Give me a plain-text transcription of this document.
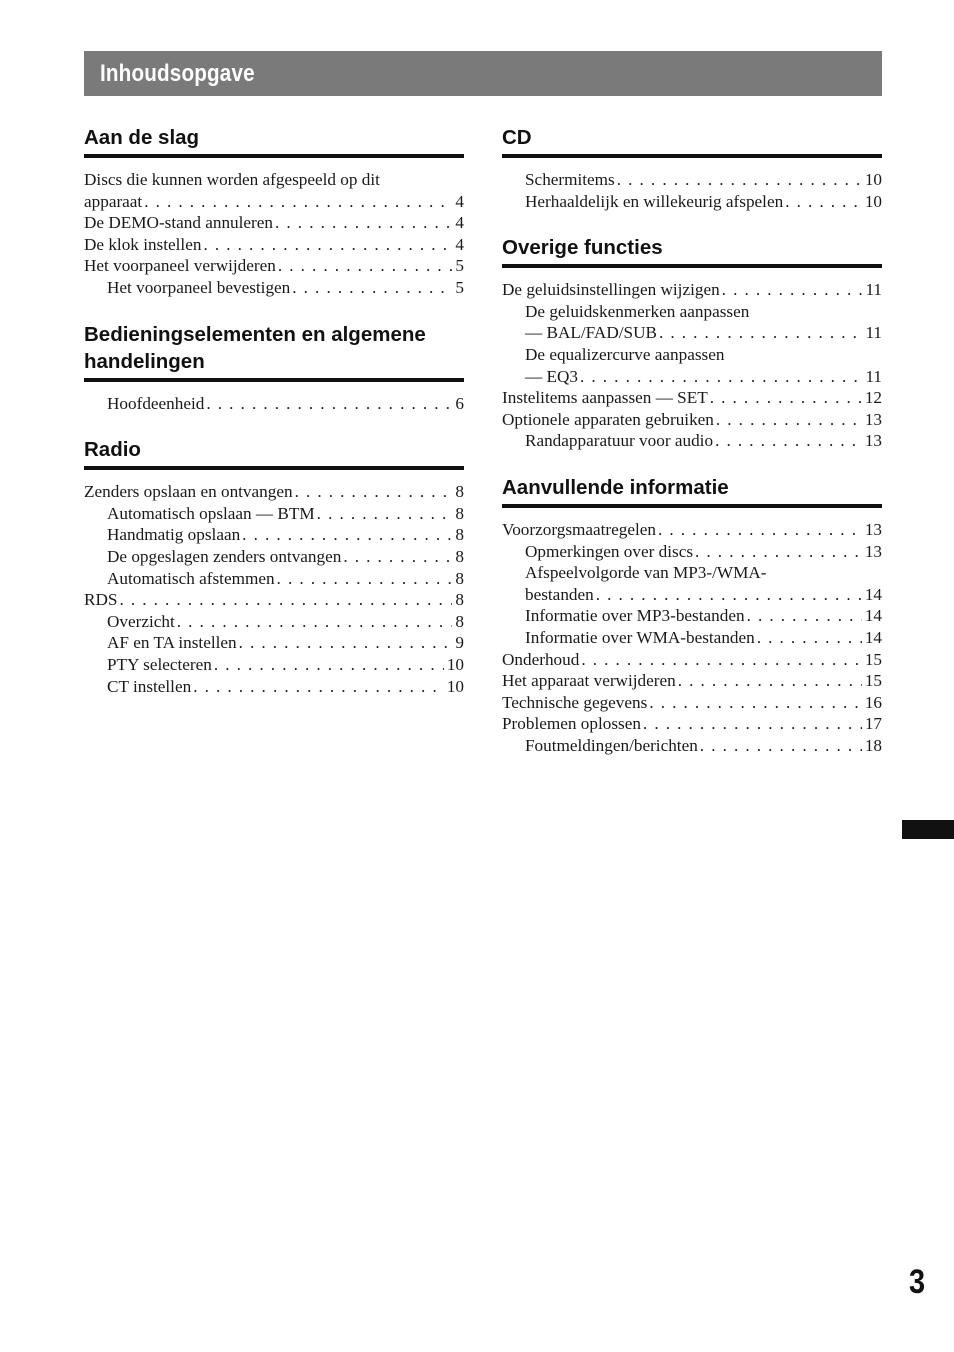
Inhoudsopgave
Aan de slag
Discs die kunnen worden afgespeeld op dit
apparaat . . .	4
De DEMO-stand annuleren . . .	4
De klok instellen . . .	4
Het voorpaneel verwijderen . . .	5
Het voorpaneel bevestigen . . .	5
Bedieningselementen en algemene
handelingen
Hoofdeenheid . . .	6
Radio
Zenders opslaan en ontvangen . . .	8
Automatisch opslaan — BTM . . .	8
Handmatig opslaan . . .	8
De opgeslagen zenders ontvangen . . .	8
Automatisch afstemmen . . .	8
RDS . . .	8
Overzicht . . .	8
AF en TA instellen . . .	9
PTY selecteren . . .	10
CT instellen . . .	10
CD
Schermitems . . .	10
Herhaaldelijk en willekeurig afspelen . . .	10
Overige functies
De geluidsinstellingen wijzigen . . .	11
De geluidskenmerken aanpassen
— BAL/FAD/SUB . . .	11
De equalizercurve aanpassen
— EQ3 . . .	11
Instelitems aanpassen — SET . . .	12
Optionele apparaten gebruiken . . .	13
Randapparatuur voor audio . . .	13
Aanvullende informatie
Voorzorgsmaatregelen . . .	13
Opmerkingen over discs . . .	13
Afspeelvolgorde van MP3-/WMA-
bestanden . . .	14
Informatie over MP3-bestanden . . .	14
Informatie over WMA-bestanden . . .	14
Onderhoud . . .	15
Het apparaat verwijderen . . .	15
Technische gegevens . . .	16
Problemen oplossen . . .	17
Foutmeldingen/berichten . . .	18
3
